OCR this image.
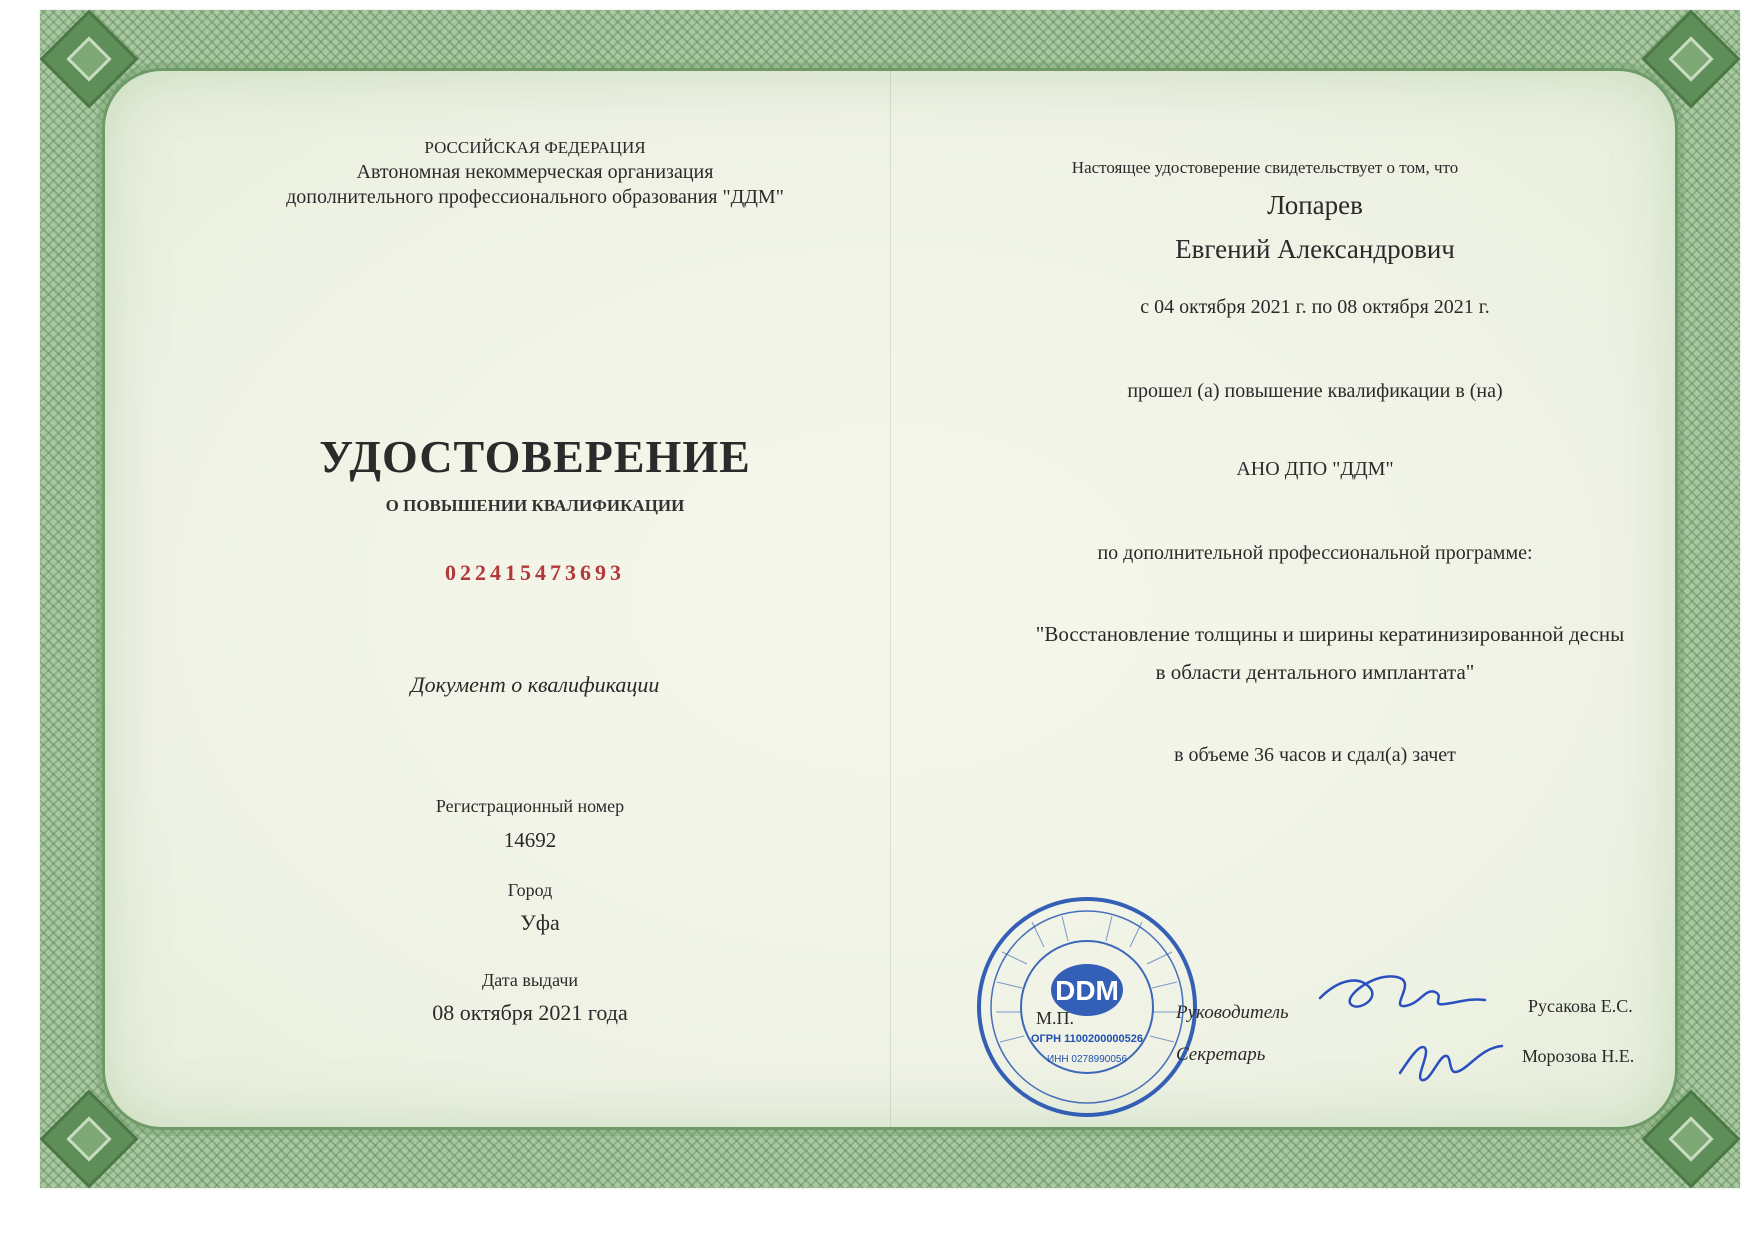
РОССИЙСКАЯ ФЕДЕРАЦИЯ
Автономная некоммерческая организация
дополнительного профессионального образования "ДДМ"
УДОСТОВЕРЕНИЕ
О ПОВЫШЕНИИ КВАЛИФИКАЦИИ
022415473693
Документ о квалификации
Регистрационный номер
14692
Город
Уфа
Дата выдачи
08 октября 2021 года
Настоящее удостоверение свидетельствует о том, что
Лопарев
Евгений Александрович
с 04 октября 2021 г. по 08 октября 2021 г.
прошел (а) повышение квалификации в (на)
АНО ДПО "ДДМ"
по дополнительной профессиональной программе:
"Восстановление толщины и ширины кератинизированной десны
в области дентального имплантата"
в объеме 36 часов и сдал(а) зачет
DDM
ОГРН 1100200000526
ИНН 0278990056
М.П.	Руководитель	Русакова Е.С.
Секретарь	Морозова Н.Е.
